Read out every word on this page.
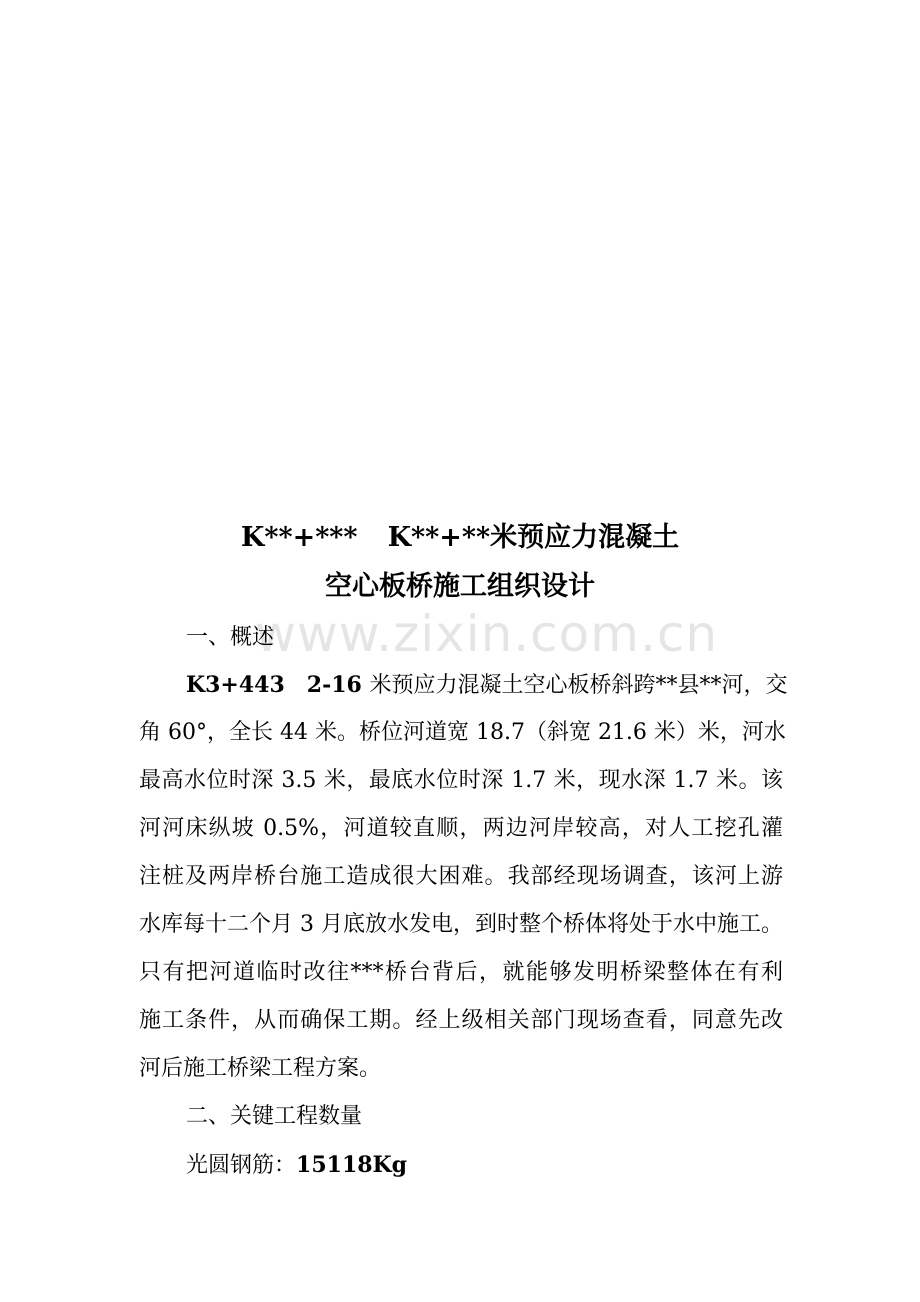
K**+*** K**+**米预应力混凝土
空心板桥施工组织设计
www.zixin.com.cn
一、概述
K3+443 2-16 米预应力混凝土空心板桥斜跨**县**河，交
角 60°，全长 44 米。桥位河道宽 18.7（斜宽 21.6 米）米，河水
最高水位时深 3.5 米，最底水位时深 1.7 米，现水深 1.7 米。该
河河床纵坡 0.5%，河道较直顺，两边河岸较高，对人工挖孔灌
注桩及两岸桥台施工造成很大困难。我部经现场调查，该河上游
水库每十二个月 3 月底放水发电，到时整个桥体将处于水中施工。
只有把河道临时改往***桥台背后，就能够发明桥梁整体在有利
施工条件，从而确保工期。经上级相关部门现场查看，同意先改
河后施工桥梁工程方案。
二、关键工程数量
光圆钢筋：15118Kg
